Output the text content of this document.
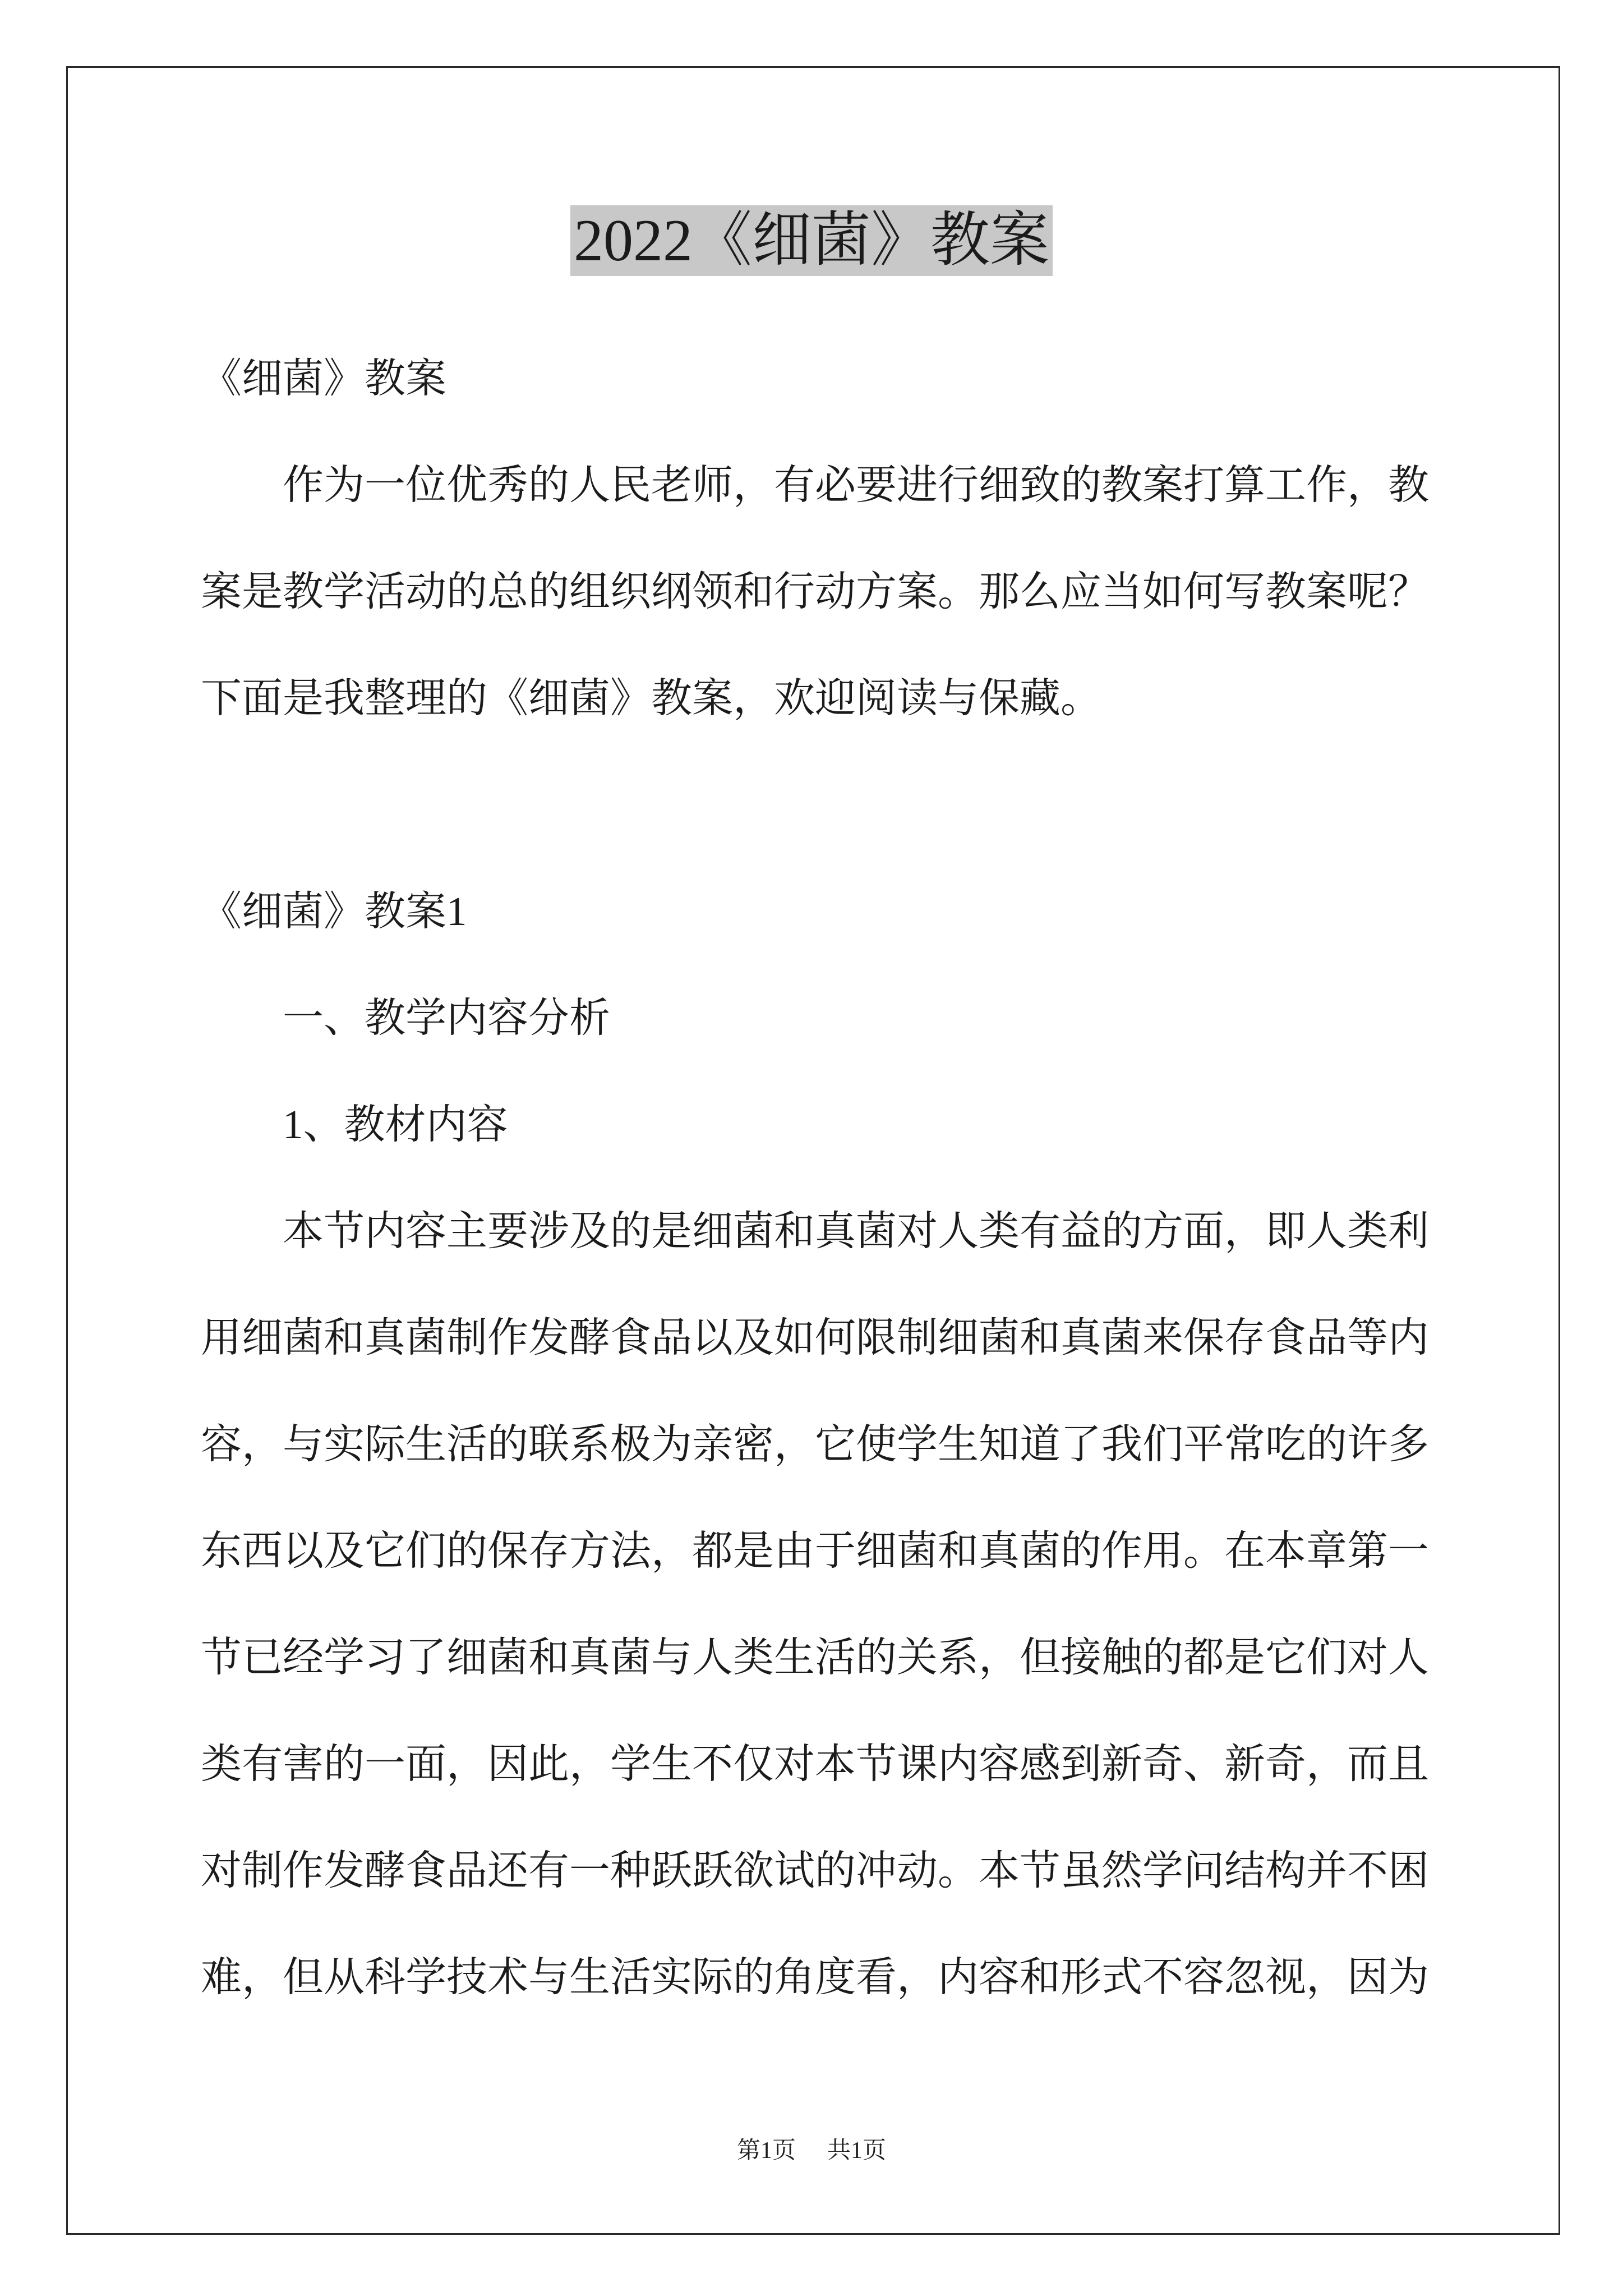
2022《细菌》教案
《细菌》教案
作为一位优秀的人民老师，有必要进行细致的教案打算工作，教
案是教学活动的总的组织纲领和行动方案。那么应当如何写教案呢？
下面是我整理的《细菌》教案，欢迎阅读与保藏。
《细菌》教案1
一、教学内容分析
1、教材内容
本节内容主要涉及的是细菌和真菌对人类有益的方面，即人类利
用细菌和真菌制作发酵食品以及如何限制细菌和真菌来保存食品等内
容，与实际生活的联系极为亲密，它使学生知道了我们平常吃的许多
东西以及它们的保存方法，都是由于细菌和真菌的作用。在本章第一
节已经学习了细菌和真菌与人类生活的关系，但接触的都是它们对人
类有害的一面，因此，学生不仅对本节课内容感到新奇、新奇，而且
对制作发酵食品还有一种跃跃欲试的冲动。本节虽然学问结构并不困
难，但从科学技术与生活实际的角度看，内容和形式不容忽视，因为
第1页 共1页
